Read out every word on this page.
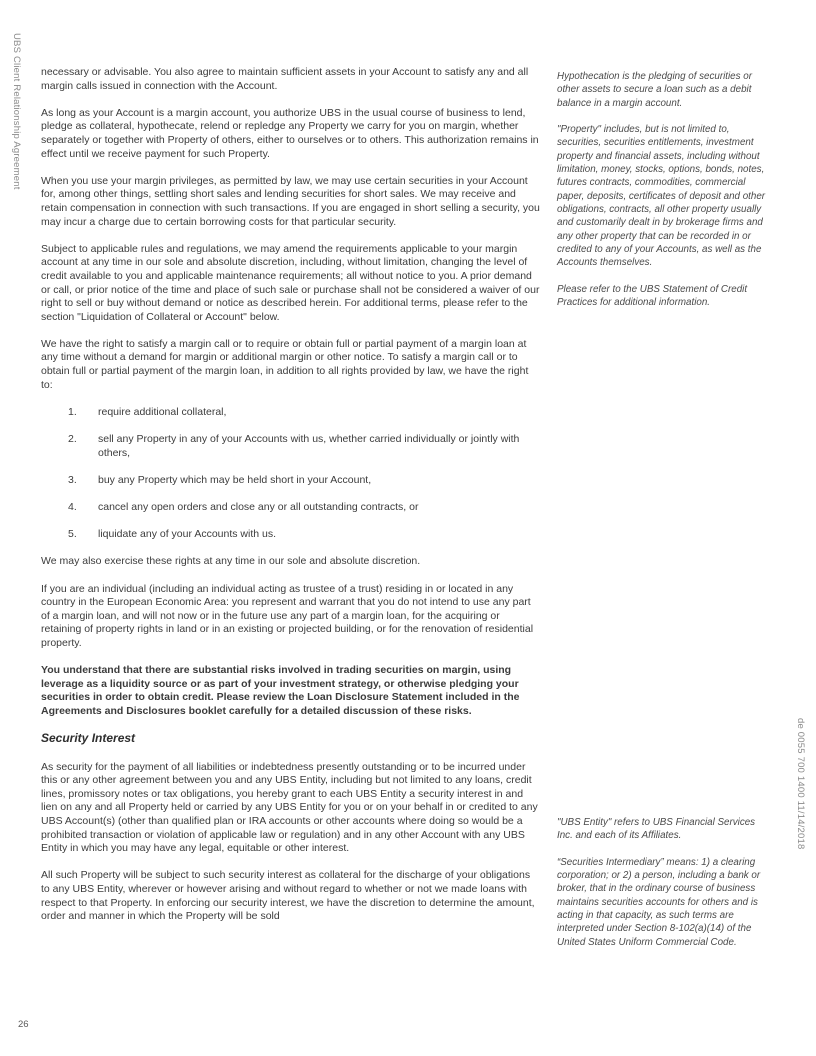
UBS Client Relationship Agreement
de 0055 700 1400 11/14/2018
26

necessary or advisable. You also agree to maintain sufficient assets in your Account to satisfy any and all margin calls issued in connection with the Account.

As long as your Account is a margin account, you authorize UBS in the usual course of business to lend, pledge as collateral, hypothecate, relend or repledge any Property we carry for you on margin, whether separately or together with Property of others, either to ourselves or to others. This authorization remains in effect until we receive payment for such Property.

When you use your margin privileges, as permitted by law, we may use certain securities in your Account for, among other things, settling short sales and lending securities for short sales. We may receive and retain compensation in connection with such transactions. If you are engaged in short selling a security, you may incur a charge due to certain borrowing costs for that particular security.

Subject to applicable rules and regulations, we may amend the requirements applicable to your margin account at any time in our sole and absolute discretion, including, without limitation, changing the level of credit available to you and applicable maintenance requirements; all without notice to you. A prior demand or call, or prior notice of the time and place of such sale or purchase shall not be considered a waiver of our right to sell or buy without demand or notice as described herein. For additional terms, please refer to the section "Liquidation of Collateral or Account" below.

We have the right to satisfy a margin call or to require or obtain full or partial payment of a margin loan at any time without a demand for margin or additional margin or other notice. To satisfy a margin call or to obtain full or partial payment of the margin loan, in addition to all rights provided by law, we have the right to:

1. require additional collateral,
2. sell any Property in any of your Accounts with us, whether carried individually or jointly with others,
3. buy any Property which may be held short in your Account,
4. cancel any open orders and close any or all outstanding contracts, or
5. liquidate any of your Accounts with us.

We may also exercise these rights at any time in our sole and absolute discretion.

If you are an individual (including an individual acting as trustee of a trust) residing in or located in any country in the European Economic Area: you represent and warrant that you do not intend to use any part of a margin loan, and will not now or in the future use any part of a margin loan, for the acquiring or retaining of property rights in land or in an existing or projected building, or for the renovation of residential property.

You understand that there are substantial risks involved in trading securities on margin, using leverage as a liquidity source or as part of your investment strategy, or otherwise pledging your securities in order to obtain credit. Please review the Loan Disclosure Statement included in the Agreements and Disclosures booklet carefully for a detailed discussion of these risks.

Security Interest

As security for the payment of all liabilities or indebtedness presently outstanding or to be incurred under this or any other agreement between you and any UBS Entity, including but not limited to any loans, credit lines, promissory notes or tax obligations, you hereby grant to each UBS Entity a security interest in and lien on any and all Property held or carried by any UBS Entity for you or on your behalf in or credited to any UBS Account(s) (other than qualified plan or IRA accounts or other accounts where doing so would be a prohibited transaction or violation of applicable law or regulation) and in any other Account with any UBS Entity in which you may have any legal, equitable or other interest.

All such Property will be subject to such security interest as collateral for the discharge of your obligations to any UBS Entity, wherever or however arising and without regard to whether or not we made loans with respect to that Property. In enforcing our security interest, we have the discretion to determine the amount, order and manner in which the Property will be sold

Hypothecation is the pledging of securities or other assets to secure a loan such as a debit balance in a margin account.

"Property" includes, but is not limited to, securities, securities entitlements, investment property and financial assets, including without limitation, money, stocks, options, bonds, notes, futures contracts, commodities, commercial paper, deposits, certificates of deposit and other obligations, contracts, all other property usually and customarily dealt in by brokerage firms and any other property that can be recorded in or credited to any of your Accounts, as well as the Accounts themselves.

Please refer to the UBS Statement of Credit Practices for additional information.

"UBS Entity" refers to UBS Financial Services Inc. and each of its Affiliates.

“Securities Intermediary” means: 1) a clearing corporation; or 2) a person, including a bank or broker, that in the ordinary course of business maintains securities accounts for others and is acting in that capacity, as such terms are interpreted under Section 8-102(a)(14) of the United States Uniform Commercial Code.
